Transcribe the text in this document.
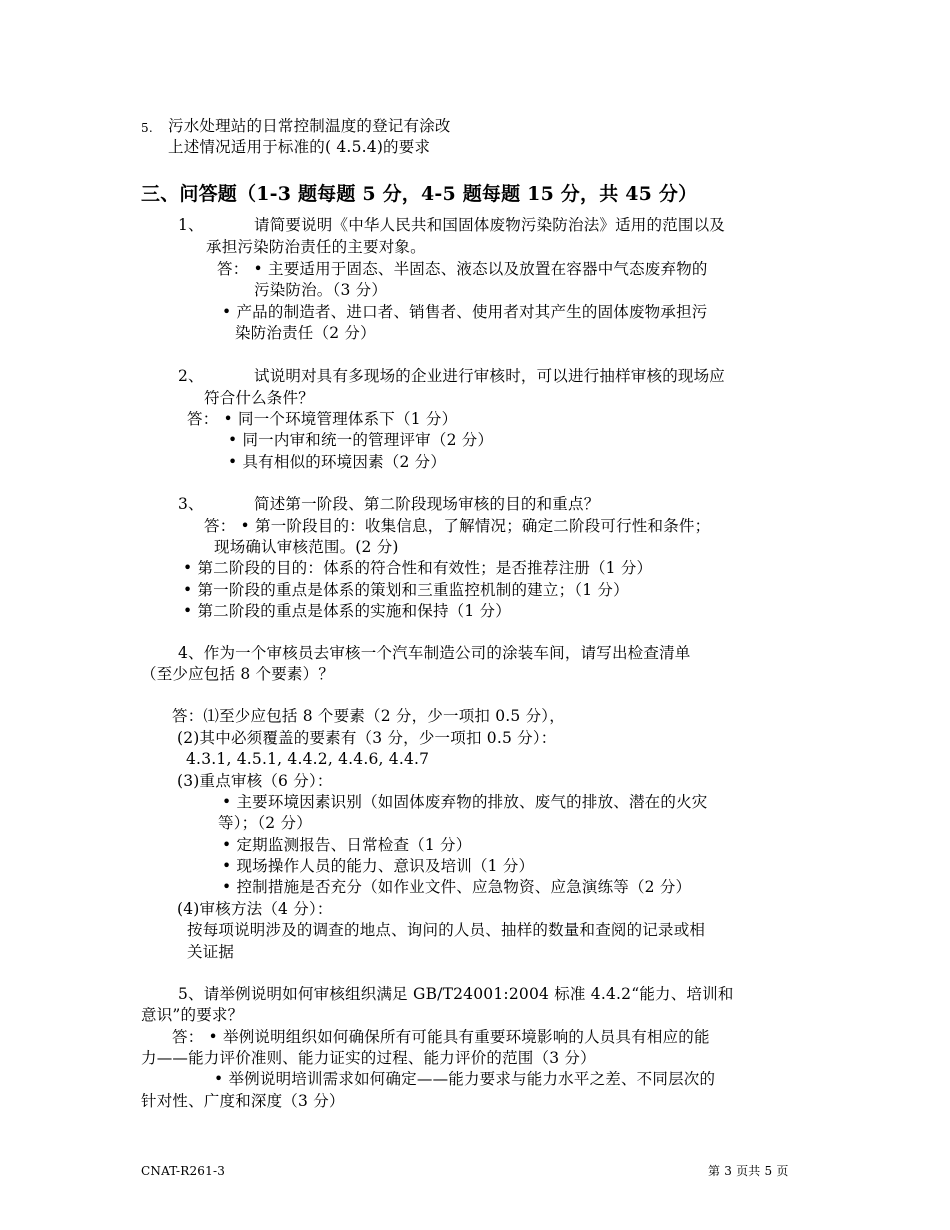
5. 污水处理站的日常控制温度的登记有涂改
上述情况适用于标准的( 4.5.4)的要求
三、问答题（1-3 题每题 5 分，4-5 题每题 15 分，共 45 分）
1、	请简要说明《中华人民共和国固体废物污染防治法》适用的范围以及
承担污染防治责任的主要对象。
答： • 主要适用于固态、半固态、液态以及放置在容器中气态废弃物的
污染防治。（3 分）
• 产品的制造者、进口者、销售者、使用者对其产生的固体废物承担污
染防治责任（2 分）
2、	试说明对具有多现场的企业进行审核时，可以进行抽样审核的现场应
符合什么条件？
答： • 同一个环境管理体系下（1 分）
• 同一内审和统一的管理评审（2 分）
• 具有相似的环境因素（2 分）
3、	简述第一阶段、第二阶段现场审核的目的和重点？
答： • 第一阶段目的：收集信息，了解情况；确定二阶段可行性和条件；
现场确认审核范围。(2 分)
• 第二阶段的目的：体系的符合性和有效性；是否推荐注册（1 分）
• 第一阶段的重点是体系的策划和三重监控机制的建立；（1 分）
• 第二阶段的重点是体系的实施和保持（1 分）
4、作为一个审核员去审核一个汽车制造公司的涂装车间，请写出检查清单
（至少应包括 8 个要素）？
答：⑴至少应包括 8 个要素（2 分，少一项扣 0.5 分），
(2)其中必须覆盖的要素有（3 分，少一项扣 0.5 分）：
4.3.1, 4.5.1, 4.4.2, 4.4.6, 4.4.7
(3)重点审核（6 分）：
• 主要环境因素识别（如固体废弃物的排放、废气的排放、潜在的火灾
等）；（2 分）
• 定期监测报告、日常检查（1 分）
• 现场操作人员的能力、意识及培训（1 分）
• 控制措施是否充分（如作业文件、应急物资、应急演练等（2 分）
(4)审核方法（4 分）：
按每项说明涉及的调查的地点、询问的人员、抽样的数量和查阅的记录或相
关证据
5、请举例说明如何审核组织满足 GB/T24001:2004 标准 4.4.2“能力、培训和
意识”的要求？
答： • 举例说明组织如何确保所有可能具有重要环境影响的人员具有相应的能
力——能力评价准则、能力证实的过程、能力评价的范围（3 分）
• 举例说明培训需求如何确定——能力要求与能力水平之差、不同层次的
针对性、广度和深度（3 分）
CNAT-R261-3	第 3 页共 5 页
